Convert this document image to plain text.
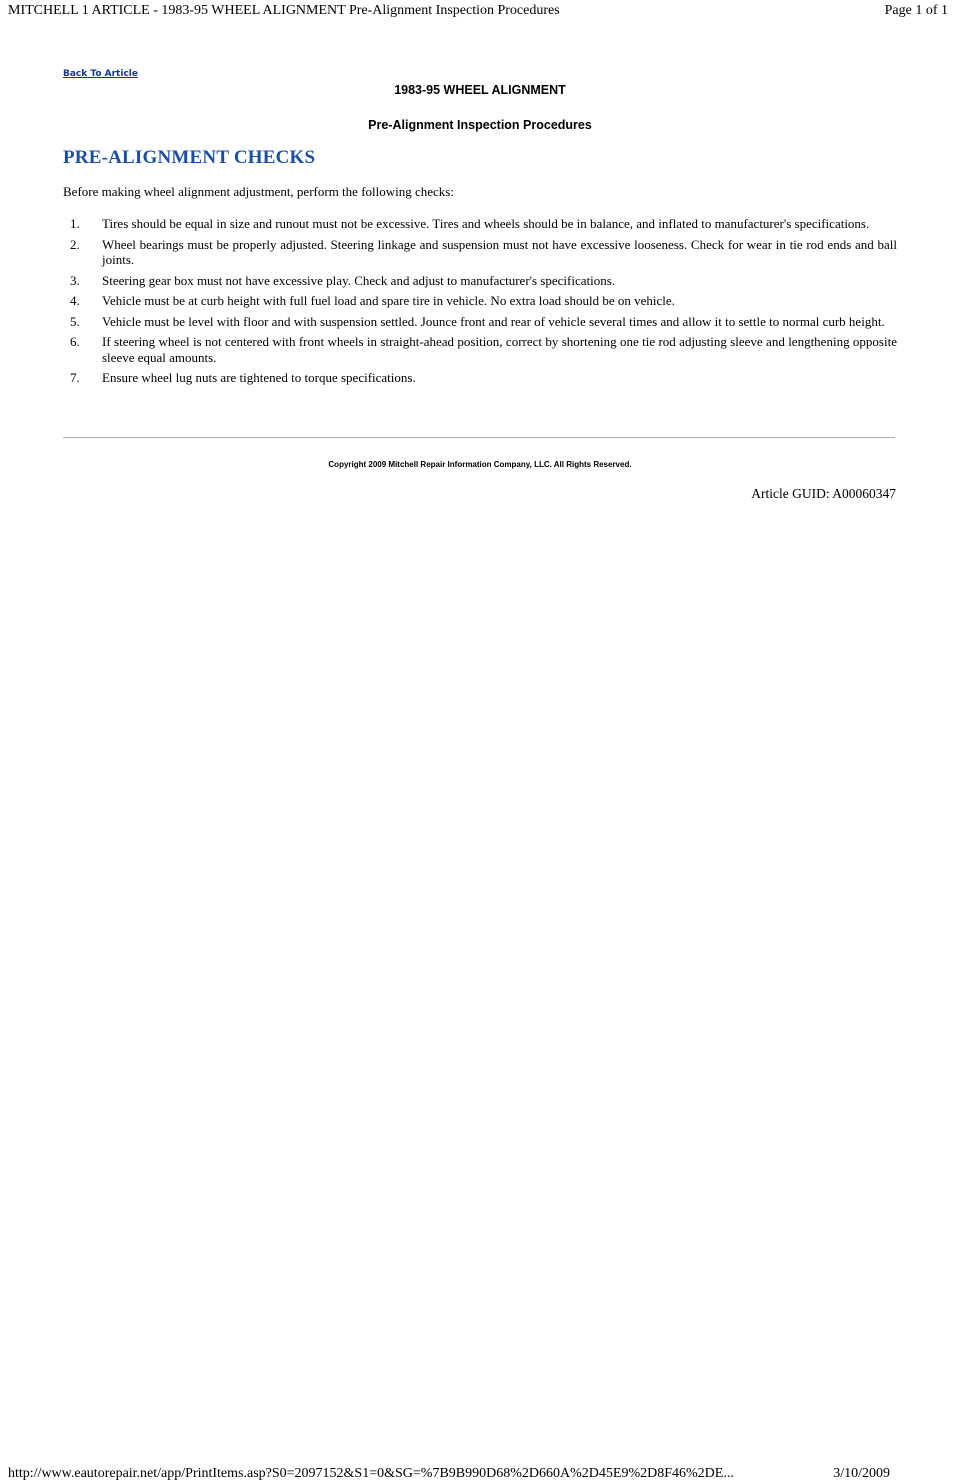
MITCHELL 1 ARTICLE - 1983-95 WHEEL ALIGNMENT Pre-Alignment Inspection Procedures	Page 1 of 1
Back To Article
1983-95 WHEEL ALIGNMENT
Pre-Alignment Inspection Procedures
PRE-ALIGNMENT CHECKS
Before making wheel alignment adjustment, perform the following checks:
1. Tires should be equal in size and runout must not be excessive. Tires and wheels should be in balance, and inflated to manufacturer's specifications.
2. Wheel bearings must be properly adjusted. Steering linkage and suspension must not have excessive looseness. Check for wear in tie rod ends and ball joints.
3. Steering gear box must not have excessive play. Check and adjust to manufacturer's specifications.
4. Vehicle must be at curb height with full fuel load and spare tire in vehicle. No extra load should be on vehicle.
5. Vehicle must be level with floor and with suspension settled. Jounce front and rear of vehicle several times and allow it to settle to normal curb height.
6. If steering wheel is not centered with front wheels in straight-ahead position, correct by shortening one tie rod adjusting sleeve and lengthening opposite sleeve equal amounts.
7. Ensure wheel lug nuts are tightened to torque specifications.
Copyright 2009 Mitchell Repair Information Company, LLC. All Rights Reserved.
Article GUID: A00060347
http://www.eautorepair.net/app/PrintItems.asp?S0=2097152&S1=0&SG=%7B9B990D68%2D660A%2D45E9%2D8F46%2DE...	3/10/2009
